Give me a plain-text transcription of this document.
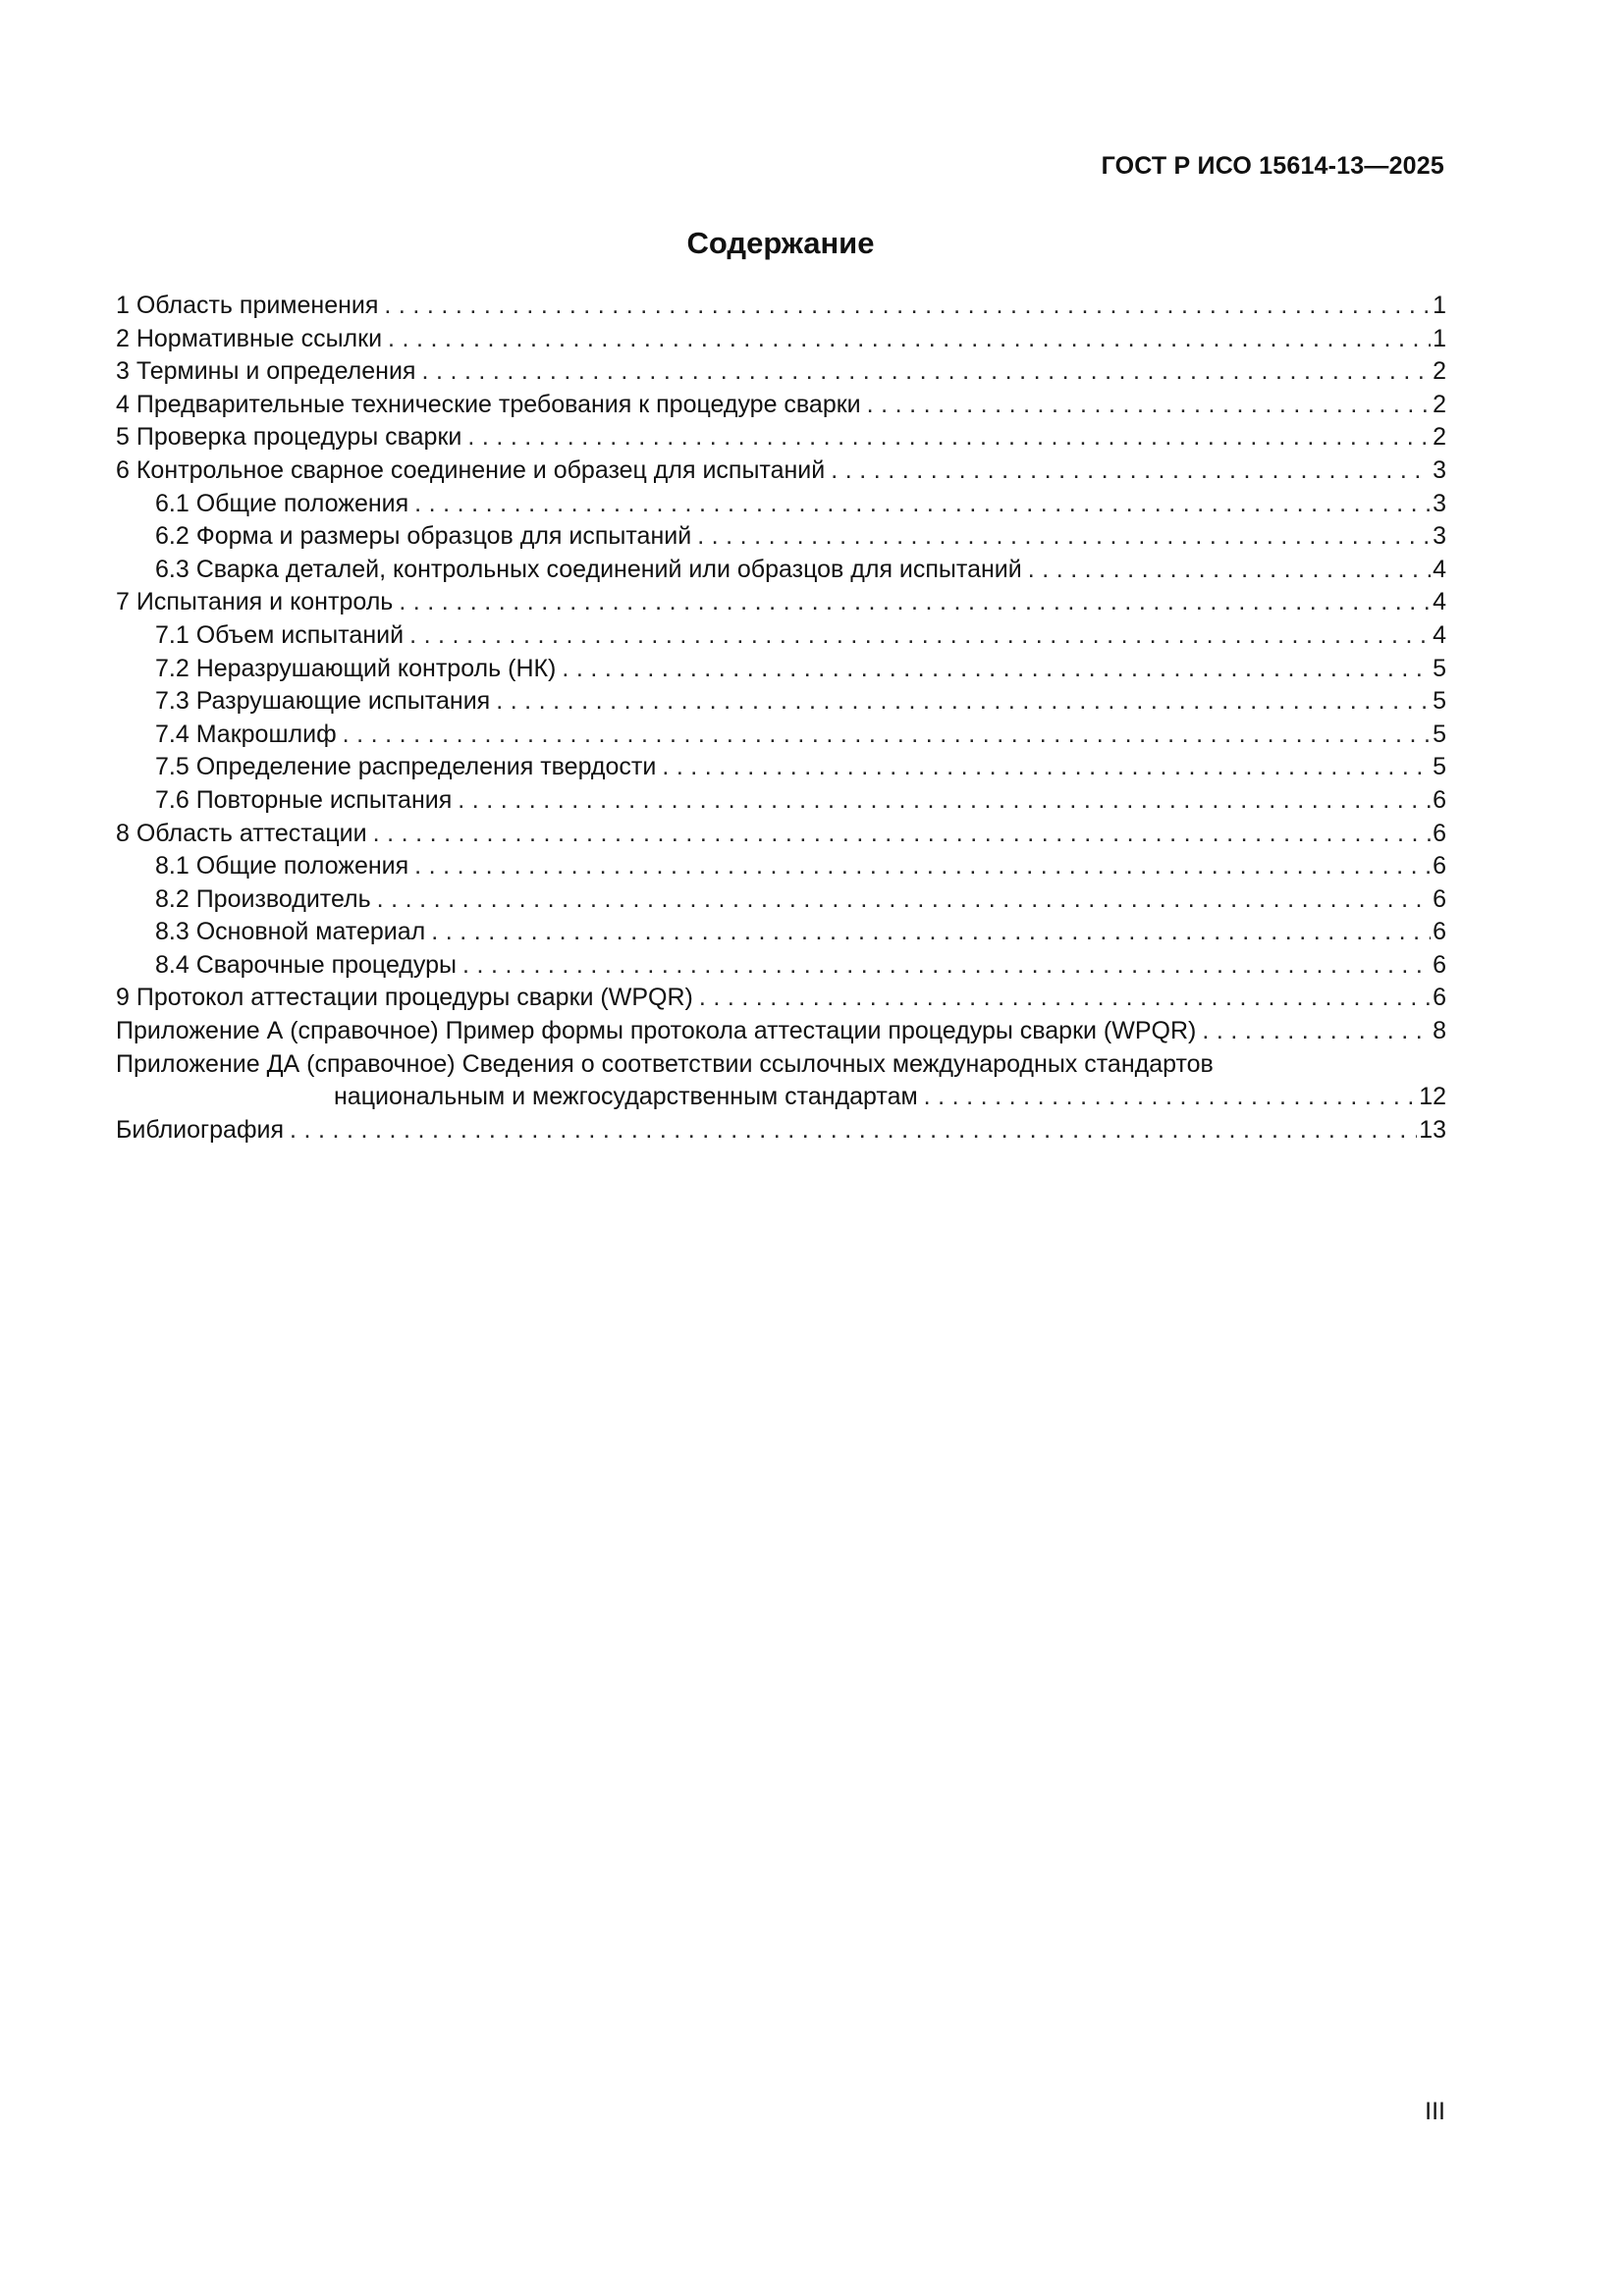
ГОСТ Р ИСО 15614-13—2025
Содержание
1 Область применения . . .	1
2 Нормативные ссылки . . .	1
3 Термины и определения . . .	2
4 Предварительные технические требования к процедуре сварки . . .	2
5 Проверка процедуры сварки . . .	2
6 Контрольное сварное соединение и образец для испытаний . . .	3
6.1 Общие положения . . .	3
6.2 Форма и размеры образцов для испытаний . . .	3
6.3 Сварка деталей, контрольных соединений или образцов для испытаний . . .	4
7 Испытания и контроль . . .	4
7.1 Объем испытаний . . .	4
7.2 Неразрушающий контроль (НК) . . .	5
7.3 Разрушающие испытания . . .	5
7.4 Макрошлиф . . .	5
7.5 Определение распределения твердости . . .	5
7.6 Повторные испытания . . .	6
8 Область аттестации . . .	6
8.1 Общие положения . . .	6
8.2 Производитель . . .	6
8.3 Основной материал . . .	6
8.4 Сварочные процедуры . . .	6
9 Протокол аттестации процедуры сварки (WPQR) . . .	6
Приложение А (справочное) Пример формы протокола аттестации процедуры сварки (WPQR) . . .	8
Приложение ДА (справочное) Сведения о соответствии ссылочных международных стандартов
национальным и межгосударственным стандартам . . .	12
Библиография . . .	13
III
